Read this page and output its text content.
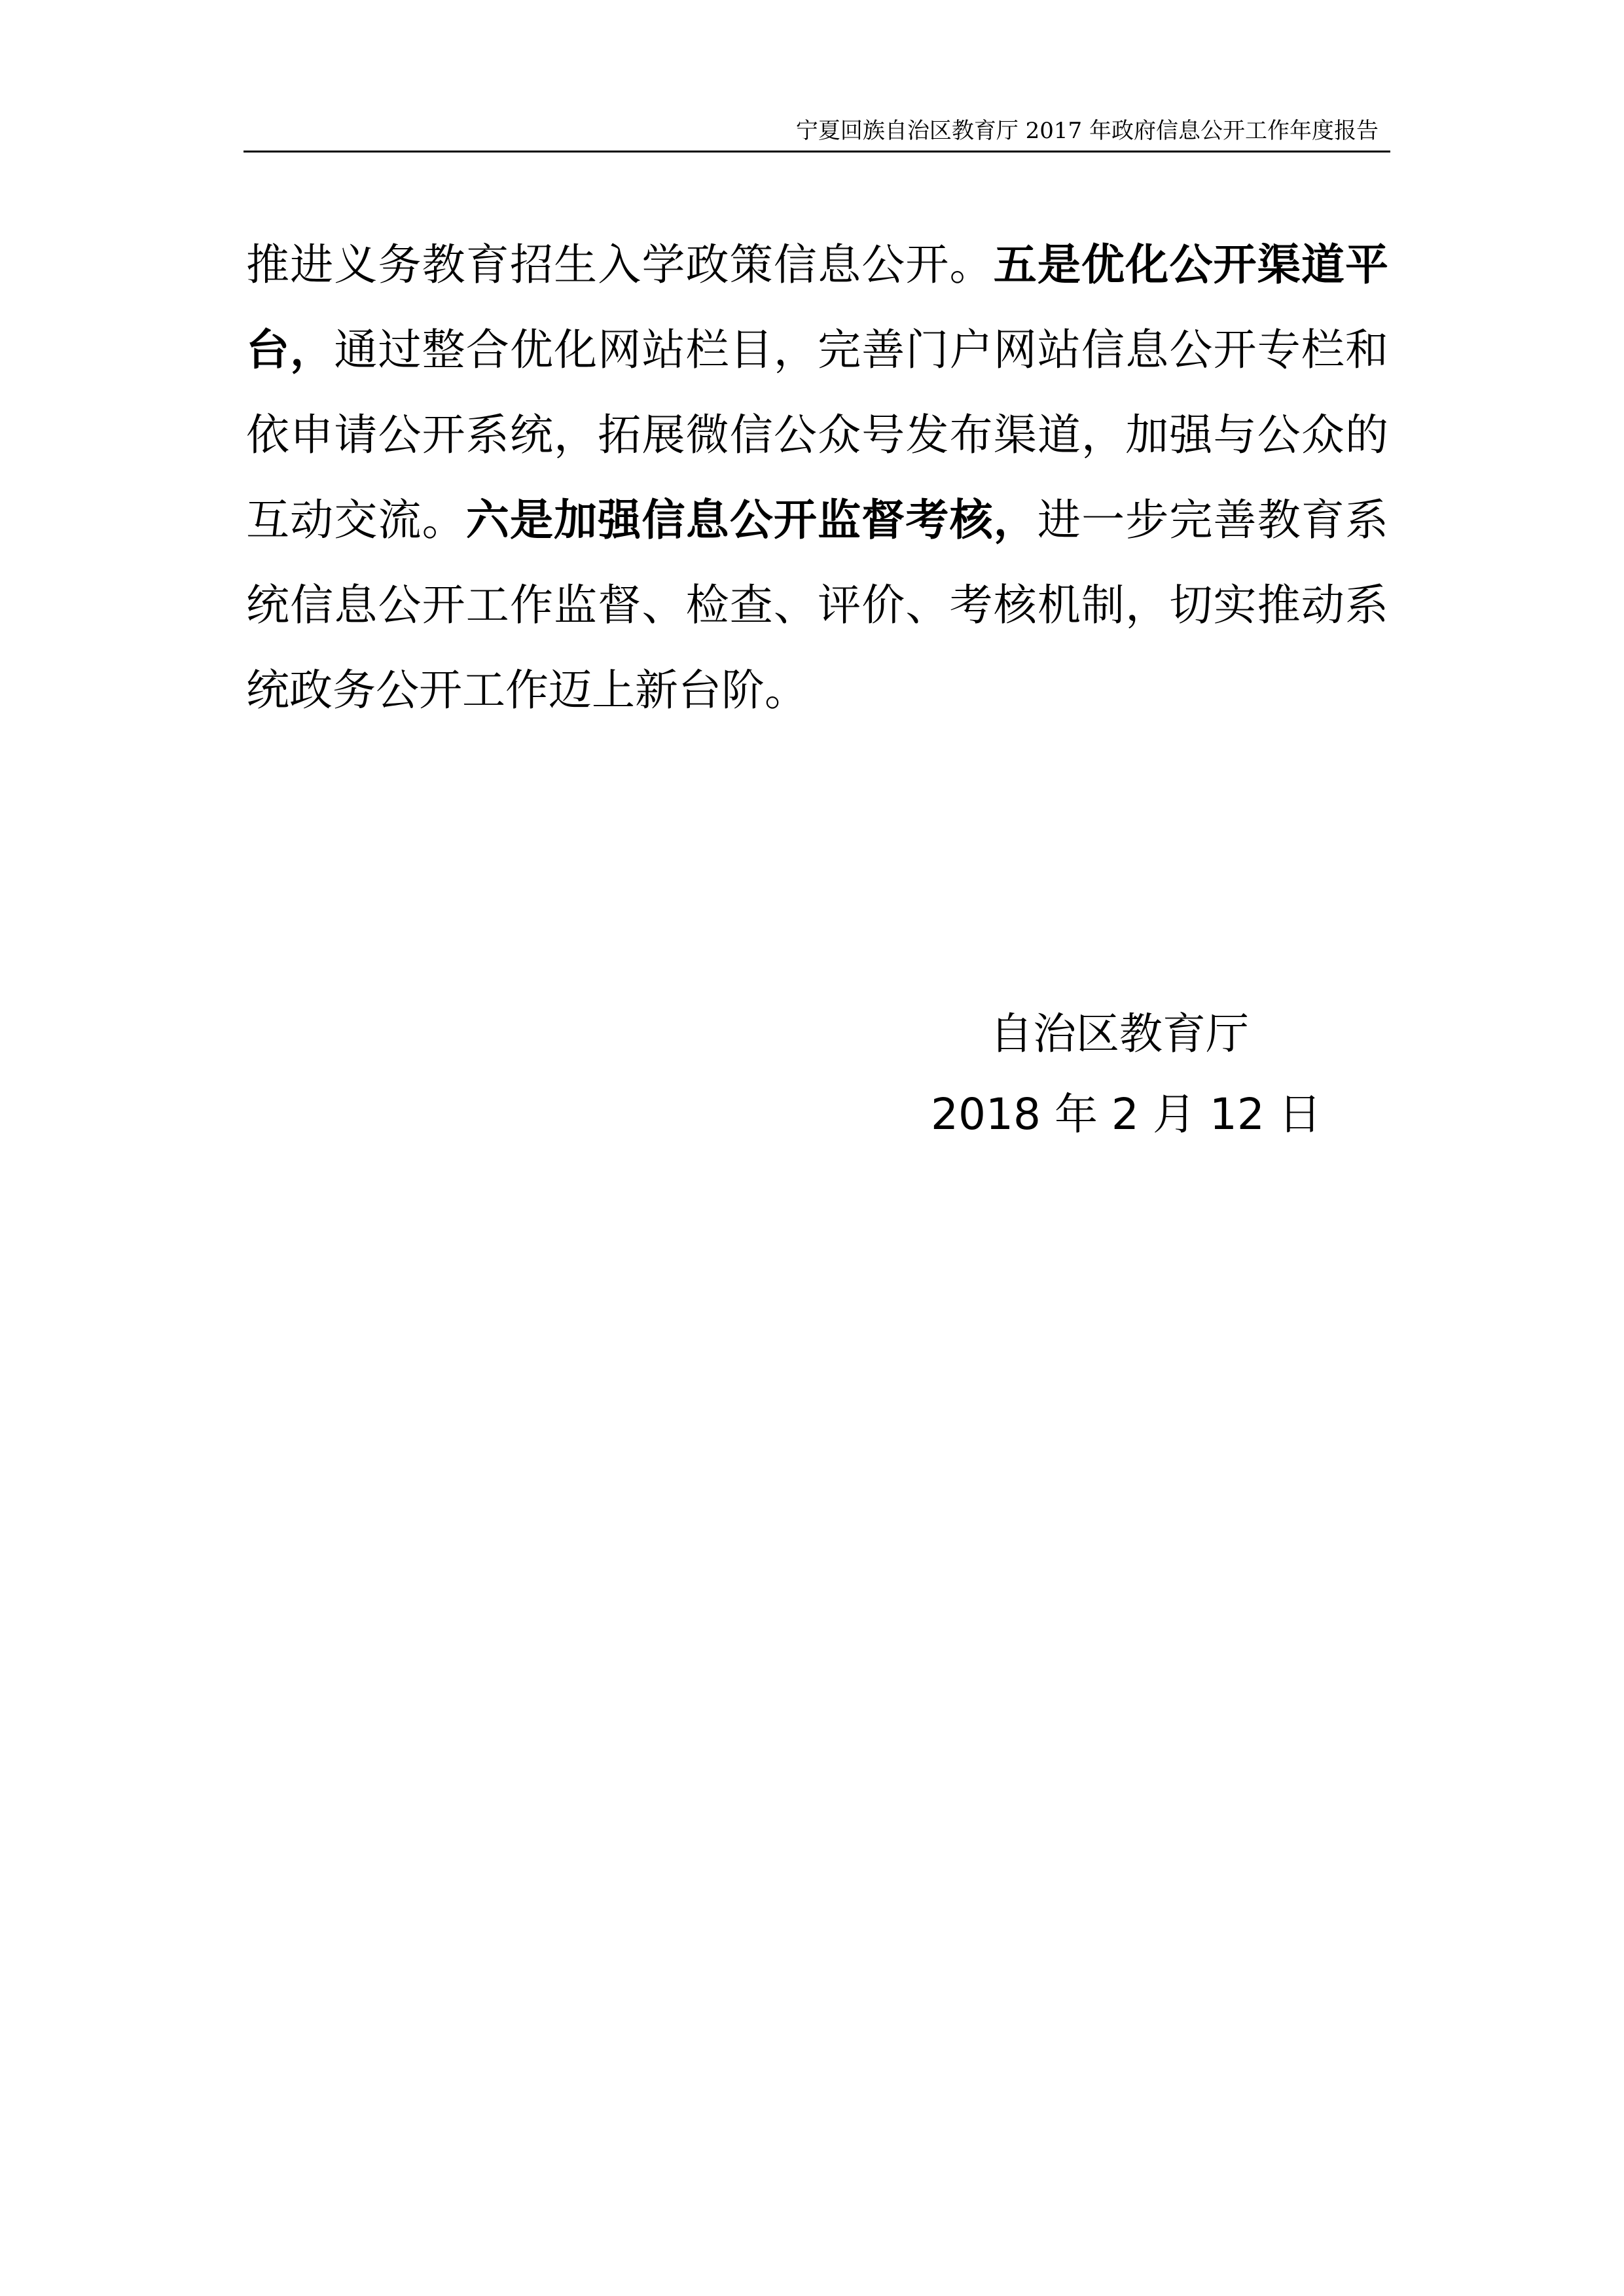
宁夏回族自治区教育厅 2017 年政府信息公开工作年度报告

推进义务教育招生入学政策信息公开。五是优化公开渠道平台，通过整合优化网站栏目，完善门户网站信息公开专栏和依申请公开系统，拓展微信公众号发布渠道，加强与公众的互动交流。六是加强信息公开监督考核，进一步完善教育系统信息公开工作监督、检查、评价、考核机制，切实推动系统政务公开工作迈上新台阶。

自治区教育厅
2018 年 2 月 12 日
